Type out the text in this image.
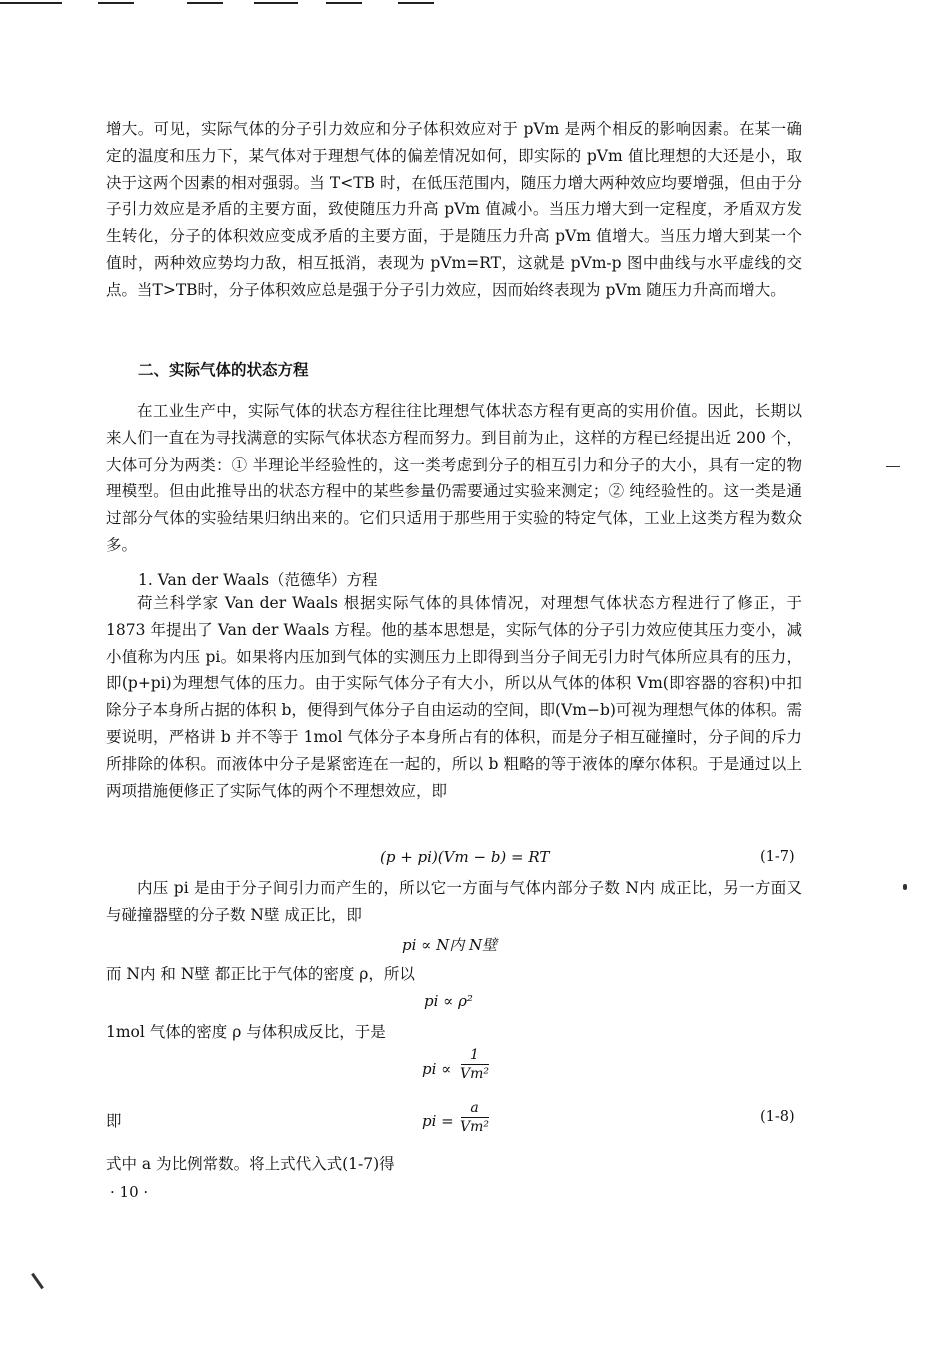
增大。可见，实际气体的分子引力效应和分子体积效应对于 pVm 是两个相反的影响因素。在某一确定的温度和压力下，某气体对于理想气体的偏差情况如何，即实际的 pVm 值比理想的大还是小，取决于这两个因素的相对强弱。当 T<TB 时，在低压范围内，随压力增大两种效应均要增强，但由于分子引力效应是矛盾的主要方面，致使随压力升高 pVm 值减小。当压力增大到一定程度，矛盾双方发生转化，分子的体积效应变成矛盾的主要方面，于是随压力升高 pVm 值增大。当压力增大到某一个值时，两种效应势均力敌，相互抵消，表现为 pVm=RT，这就是 pVm-p 图中曲线与水平虚线的交点。当T>TB时，分子体积效应总是强于分子引力效应，因而始终表现为 pVm 随压力升高而增大。
二、实际气体的状态方程
在工业生产中，实际气体的状态方程往往比理想气体状态方程有更高的实用价值。因此，长期以来人们一直在为寻找满意的实际气体状态方程而努力。到目前为止，这样的方程已经提出近 200 个，大体可分为两类：① 半理论半经验性的，这一类考虑到分子的相互引力和分子的大小，具有一定的物理模型。但由此推导出的状态方程中的某些参量仍需要通过实验来测定；② 纯经验性的。这一类是通过部分气体的实验结果归纳出来的。它们只适用于那些用于实验的特定气体，工业上这类方程为数众多。
1. Van der Waals（范德华）方程
荷兰科学家 Van der Waals 根据实际气体的具体情况，对理想气体状态方程进行了修正，于 1873 年提出了 Van der Waals 方程。他的基本思想是，实际气体的分子引力效应使其压力变小，减小值称为内压 pi。如果将内压加到气体的实测压力上即得到当分子间无引力时气体所应具有的压力，即(p+pi)为理想气体的压力。由于实际气体分子有大小，所以从气体的体积 Vm(即容器的容积)中扣除分子本身所占据的体积 b，便得到气体分子自由运动的空间，即(Vm−b)可视为理想气体的体积。需要说明，严格讲 b 并不等于 1mol 气体分子本身所占有的体积，而是分子相互碰撞时，分子间的斥力所排除的体积。而液体中分子是紧密连在一起的，所以 b 粗略的等于液体的摩尔体积。于是通过以上两项措施便修正了实际气体的两个不理想效应，即
(p + pi)(Vm − b) = RT	(1-7)
内压 pi 是由于分子间引力而产生的，所以它一方面与气体内部分子数 N内 成正比，另一方面又与碰撞器壁的分子数 N壁 成正比，即
pi ∝ N内 N壁
而 N内 和 N壁 都正比于气体的密度 ρ，所以
pi ∝ ρ²
1mol 气体的密度 ρ 与体积成反比，于是
pi ∝
1
Vm²
即	pi =
a
Vm²
(1-8)
式中 a 为比例常数。将上式代入式(1-7)得
· 10 ·
